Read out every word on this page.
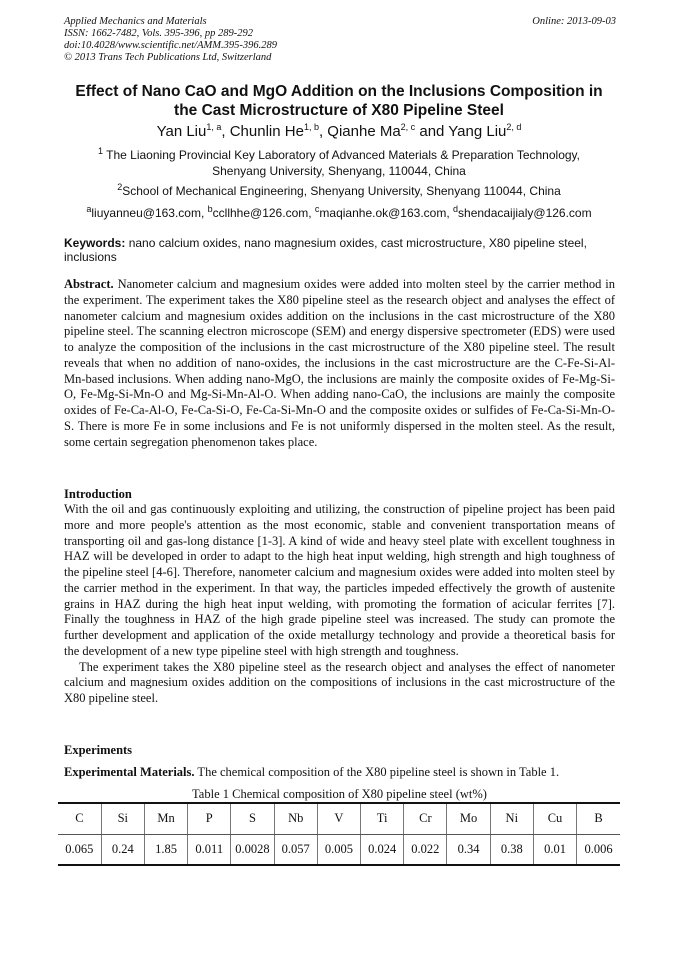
Applied Mechanics and Materials
ISSN: 1662-7482, Vols. 395-396, pp 289-292
doi:10.4028/www.scientific.net/AMM.395-396.289
© 2013 Trans Tech Publications Ltd, Switzerland
Online: 2013-09-03
Effect of Nano CaO and MgO Addition on the Inclusions Composition in
the Cast Microstructure of X80 Pipeline Steel
Yan Liu$^{1, a}$, Chunlin He$^{1, b}$, Qianhe Ma$^{2, c}$ and Yang Liu$^{2, d}$
$^1$ The Liaoning Provincial Key Laboratory of Advanced Materials & Preparation Technology,
Shenyang University, Shenyang, 110044, China
$^2$School of Mechanical Engineering, Shenyang University, Shenyang 110044, China
$^a$liuyanneu@163.com, $^b$ccllhhe@126.com, $^c$maqianhe.ok@163.com, $^d$shendacaijialy@126.com
Keywords: nano calcium oxides, nano magnesium oxides, cast microstructure, X80 pipeline steel, inclusions
Abstract. Nanometer calcium and magnesium oxides were added into molten steel by the carrier method in the experiment. The experiment takes the X80 pipeline steel as the research object and analyses the effect of nanometer calcium and magnesium oxides addition on the inclusions in the cast microstructure of the X80 pipeline steel. The scanning electron microscope (SEM) and energy dispersive spectrometer (EDS) were used to analyze the composition of the inclusions in the cast microstructure of the X80 pipeline steel. The result reveals that when no addition of nano-oxides, the inclusions in the cast microstructure are the C-Fe-Si-Al-Mn-based inclusions. When adding nano-MgO, the inclusions are mainly the composite oxides of Fe-Mg-Si-O, Fe-Mg-Si-Mn-O and Mg-Si-Mn-Al-O. When adding nano-CaO, the inclusions are mainly the composite oxides of Fe-Ca-Al-O, Fe-Ca-Si-O, Fe-Ca-Si-Mn-O and the composite oxides or sulfides of Fe-Ca-Si-Mn-O-S. There is more Fe in some inclusions and Fe is not uniformly dispersed in the molten steel. As the result, some certain segregation phenomenon takes place.
Introduction
With the oil and gas continuously exploiting and utilizing, the construction of pipeline project has been paid more and more people's attention as the most economic, stable and convenient transportation means of transporting oil and gas-long distance [1-3]. A kind of wide and heavy steel plate with excellent toughness in HAZ will be developed in order to adapt to the high heat input welding, high strength and high toughness of the pipeline steel [4-6]. Therefore, nanometer calcium and magnesium oxides were added into molten steel by the carrier method in the experiment. In that way, the particles impeded effectively the growth of austenite grains in HAZ during the high heat input welding, with promoting the formation of acicular ferrites [7]. Finally the toughness in HAZ of the high grade pipeline steel was increased. The study can promote the further development and application of the oxide metallurgy technology and provide a theoretical basis for the development of a new type pipeline steel with high strength and toughness.
The experiment takes the X80 pipeline steel as the research object and analyses the effect of nanometer calcium and magnesium oxides addition on the compositions of inclusions in the cast microstructure of the X80 pipeline steel.
Experiments
Experimental Materials. The chemical composition of the X80 pipeline steel is shown in Table 1.
Table 1 Chemical composition of X80 pipeline steel (wt%)
C	Si	Mn	P	S	Nb	V	Ti	Cr	Mo	Ni	Cu	B
0.065	0.24	1.85	0.011	0.0028	0.057	0.005	0.024	0.022	0.34	0.38	0.01	0.006
